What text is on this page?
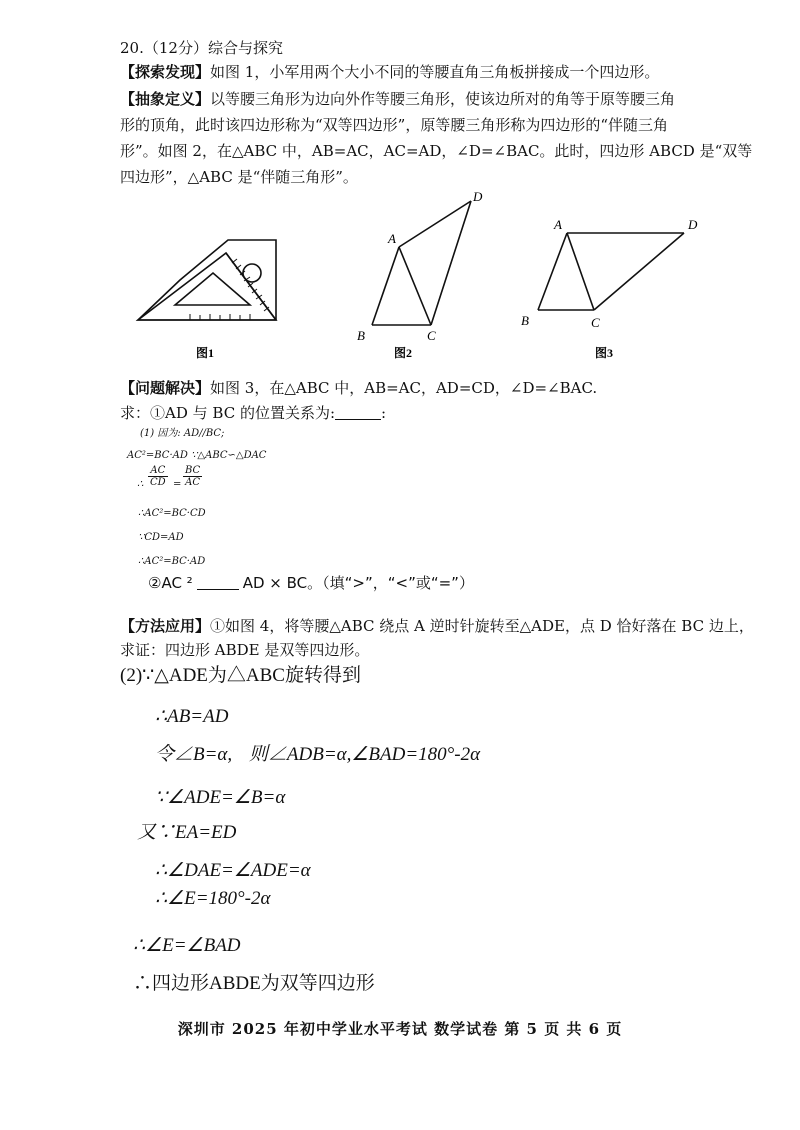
20.（12分）综合与探究
【探索发现】如图 1，小军用两个大小不同的等腰直角三角板拼接成一个四边形。
【抽象定义】以等腰三角形为边向外作等腰三角形，使该边所对的角等于原等腰三角
形的顶角，此时该四边形称为“双等四边形”，原等腰三角形称为四边形的“伴随三角
形”。如图 2，在△ABC 中，AB=AC，AC=AD，∠D=∠BAC。此时，四边形 ABCD 是“双等
四边形”，△ABC 是“伴随三角形”。
图1
A
B	C
D
图2
A
B	C
D
图3
【问题解决】如图 3，在△ABC 中，AB=AC，AD=CD，∠D=∠BAC.
求：①AD 与 BC 的位置关系为:	:
(1) 因为: AD//BC;
AC²=BC·AD ∵△ABC∽△DAC
∴ $\frac{AC}{CD} = \frac{BC}{AC}$
∴AC²=BC·CD
∵CD=AD
∴AC²=BC·AD
②AC ²	AD × BC。（填“>”，“<”或“=”）
【方法应用】①如图 4，将等腰△ABC 绕点 A 逆时针旋转至△ADE，点 D 恰好落在 BC 边上，
求证：四边形 ABDE 是双等四边形。
(2)∵△ADE为△ABC旋转得到
∴AB=AD
令∠B=α, 则∠ADB=α,∠BAD=180°-2α
∵∠ADE=∠B=α
又∵EA=ED
∴∠DAE=∠ADE=α
∴∠E=180°-2α
∴∠E=∠BAD
∴四边形ABDE为双等四边形
深圳市 2025 年初中学业水平考试 数学试卷 第 5 页 共 6 页
